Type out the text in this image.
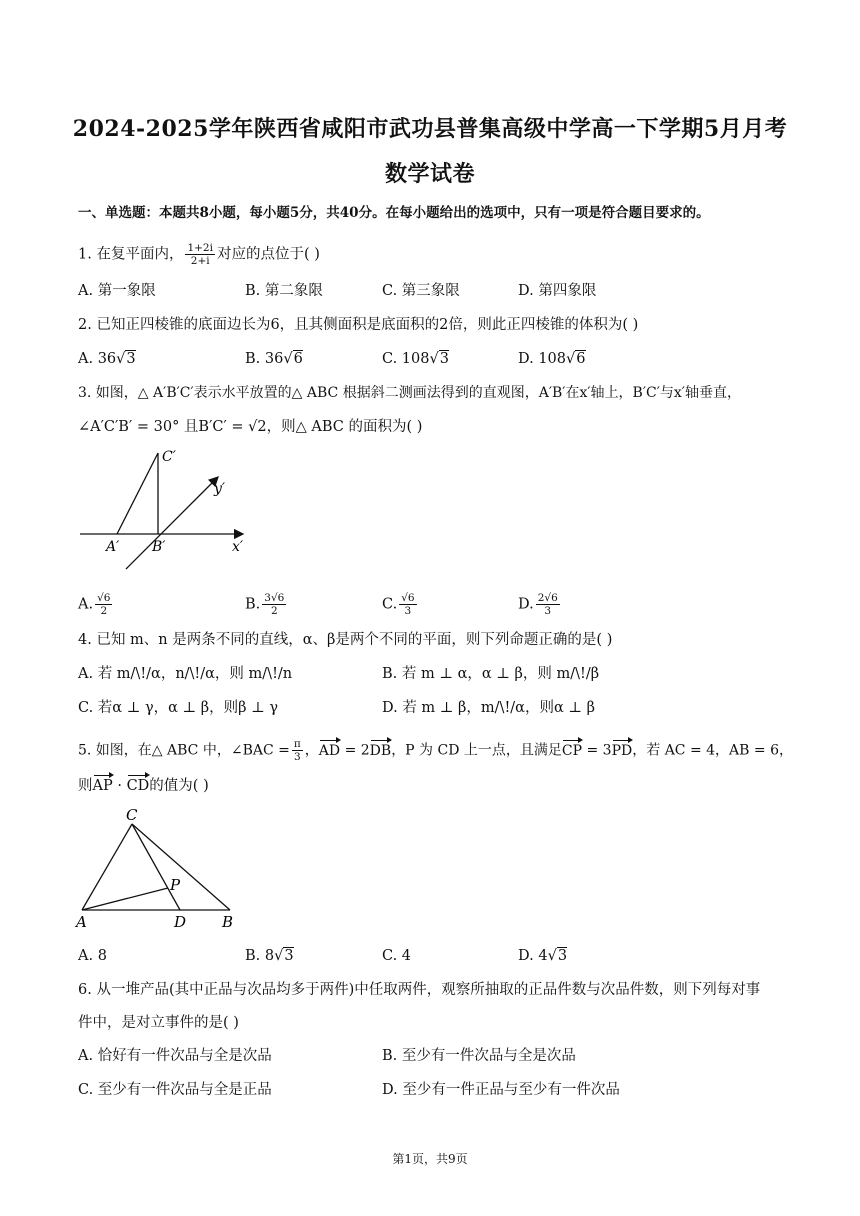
2024-2025学年陕西省咸阳市武功县普集高级中学高一下学期5月月考
数学试卷
一、单选题：本题共8小题，每小题5分，共40分。在每小题给出的选项中，只有一项是符合题目要求的。
1. 在复平面内， $\frac{1+2i}{2+i}$ 对应的点位于( )
A. 第一象限	B. 第二象限	C. 第三象限	D. 第四象限
2. 已知正四棱锥的底面边长为6，且其侧面积是底面积的2倍，则此正四棱锥的体积为( )
A. 36√3	B. 36√6	C. 108√3	D. 108√6
3. 如图，△ A′B′C′表示水平放置的△ ABC 根据斜二测画法得到的直观图，A′B′在x′轴上，B′C′与x′轴垂直，
∠A′C′B′ = 30° 且B′C′ = √2，则△ ABC 的面积为( )
C′
y′
A′ B′	x′
A. $\frac{√6}{2}$	B. $\frac{3√6}{2}$	C. $\frac{√6}{3}$	D. $\frac{2√6}{3}$
4. 已知 m、n 是两条不同的直线，α、β是两个不同的平面，则下列命题正确的是( )
A. 若 m/\!/α，n/\!/α，则 m/\!/n	B. 若 m ⊥ α，α ⊥ β，则 m/\!/β
C. 若α ⊥ γ，α ⊥ β，则β ⊥ γ	D. 若 m ⊥ β，m/\!/α，则α ⊥ β
5. 如图，在△ ABC 中，∠BAC = $\frac{\pi}{3}$ ，AD = 2DB，P 为 CD 上一点，且满足CP = 3PD，若 AC = 4，AB = 6，
则AP · CD的值为( )
C
P
A	D B
A. 8	B. 8√3	C. 4	D. 4√3
6. 从一堆产品(其中正品与次品均多于两件)中任取两件，观察所抽取的正品件数与次品件数，则下列每对事
件中，是对立事件的是( )
A. 恰好有一件次品与全是次品	B. 至少有一件次品与全是次品
C. 至少有一件次品与全是正品	D. 至少有一件正品与至少有一件次品
第1页，共9页
